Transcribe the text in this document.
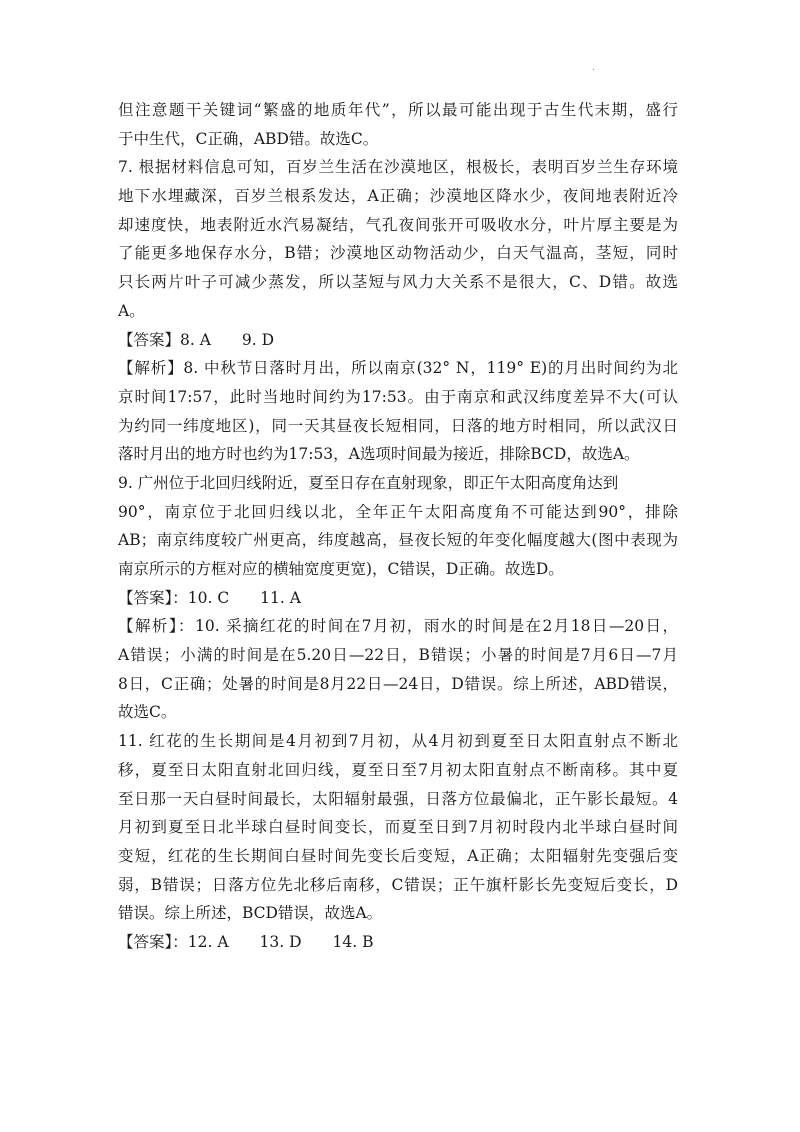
.
但注意题干关键词“繁盛的地质年代”，所以最可能出现于古生代末期，盛行
于中生代，C正确，ABD错。故选C。
7. 根据材料信息可知，百岁兰生活在沙漠地区，根极长，表明百岁兰生存环境
地下水埋藏深，百岁兰根系发达，A正确；沙漠地区降水少，夜间地表附近冷
却速度快，地表附近水汽易凝结，气孔夜间张开可吸收水分，叶片厚主要是为
了能更多地保存水分，B错；沙漠地区动物活动少，白天气温高，茎短，同时
只长两片叶子可减少蒸发，所以茎短与风力大关系不是很大，C、D错。故选
A。
【答案】8. A　　9. D
【解析】8. 中秋节日落时月出，所以南京(32° N，119° E)的月出时间约为北
京时间17:57，此时当地时间约为17:53。由于南京和武汉纬度差异不大(可认
为约同一纬度地区)，同一天其昼夜长短相同，日落的地方时相同，所以武汉日
落时月出的地方时也约为17:53，A选项时间最为接近，排除BCD，故选A。
9. 广州位于北回归线附近，夏至日存在直射现象，即正午太阳高度角达到
90°，南京位于北回归线以北，全年正午太阳高度角不可能达到90°，排除
AB；南京纬度较广州更高，纬度越高，昼夜长短的年变化幅度越大(图中表现为
南京所示的方框对应的横轴宽度更宽)，C错误，D正确。故选D。
【答案】：10. C　　11. A
【解析】：10. 采摘红花的时间在7月初，雨水的时间是在2月18日—20日，
A错误；小满的时间是在5.20日—22日，B错误；小暑的时间是7月6日—7月
8日，C正确；处暑的时间是8月22日—24日，D错误。综上所述，ABD错误，
故选C。
11. 红花的生长期间是4月初到7月初，从4月初到夏至日太阳直射点不断北
移，夏至日太阳直射北回归线，夏至日至7月初太阳直射点不断南移。其中夏
至日那一天白昼时间最长，太阳辐射最强，日落方位最偏北，正午影长最短。4
月初到夏至日北半球白昼时间变长，而夏至日到7月初时段内北半球白昼时间
变短，红花的生长期间白昼时间先变长后变短，A正确；太阳辐射先变强后变
弱，B错误；日落方位先北移后南移，C错误；正午旗杆影长先变短后变长，D
错误。综上所述，BCD错误，故选A。
【答案】：12. A　　13. D　　14. B
